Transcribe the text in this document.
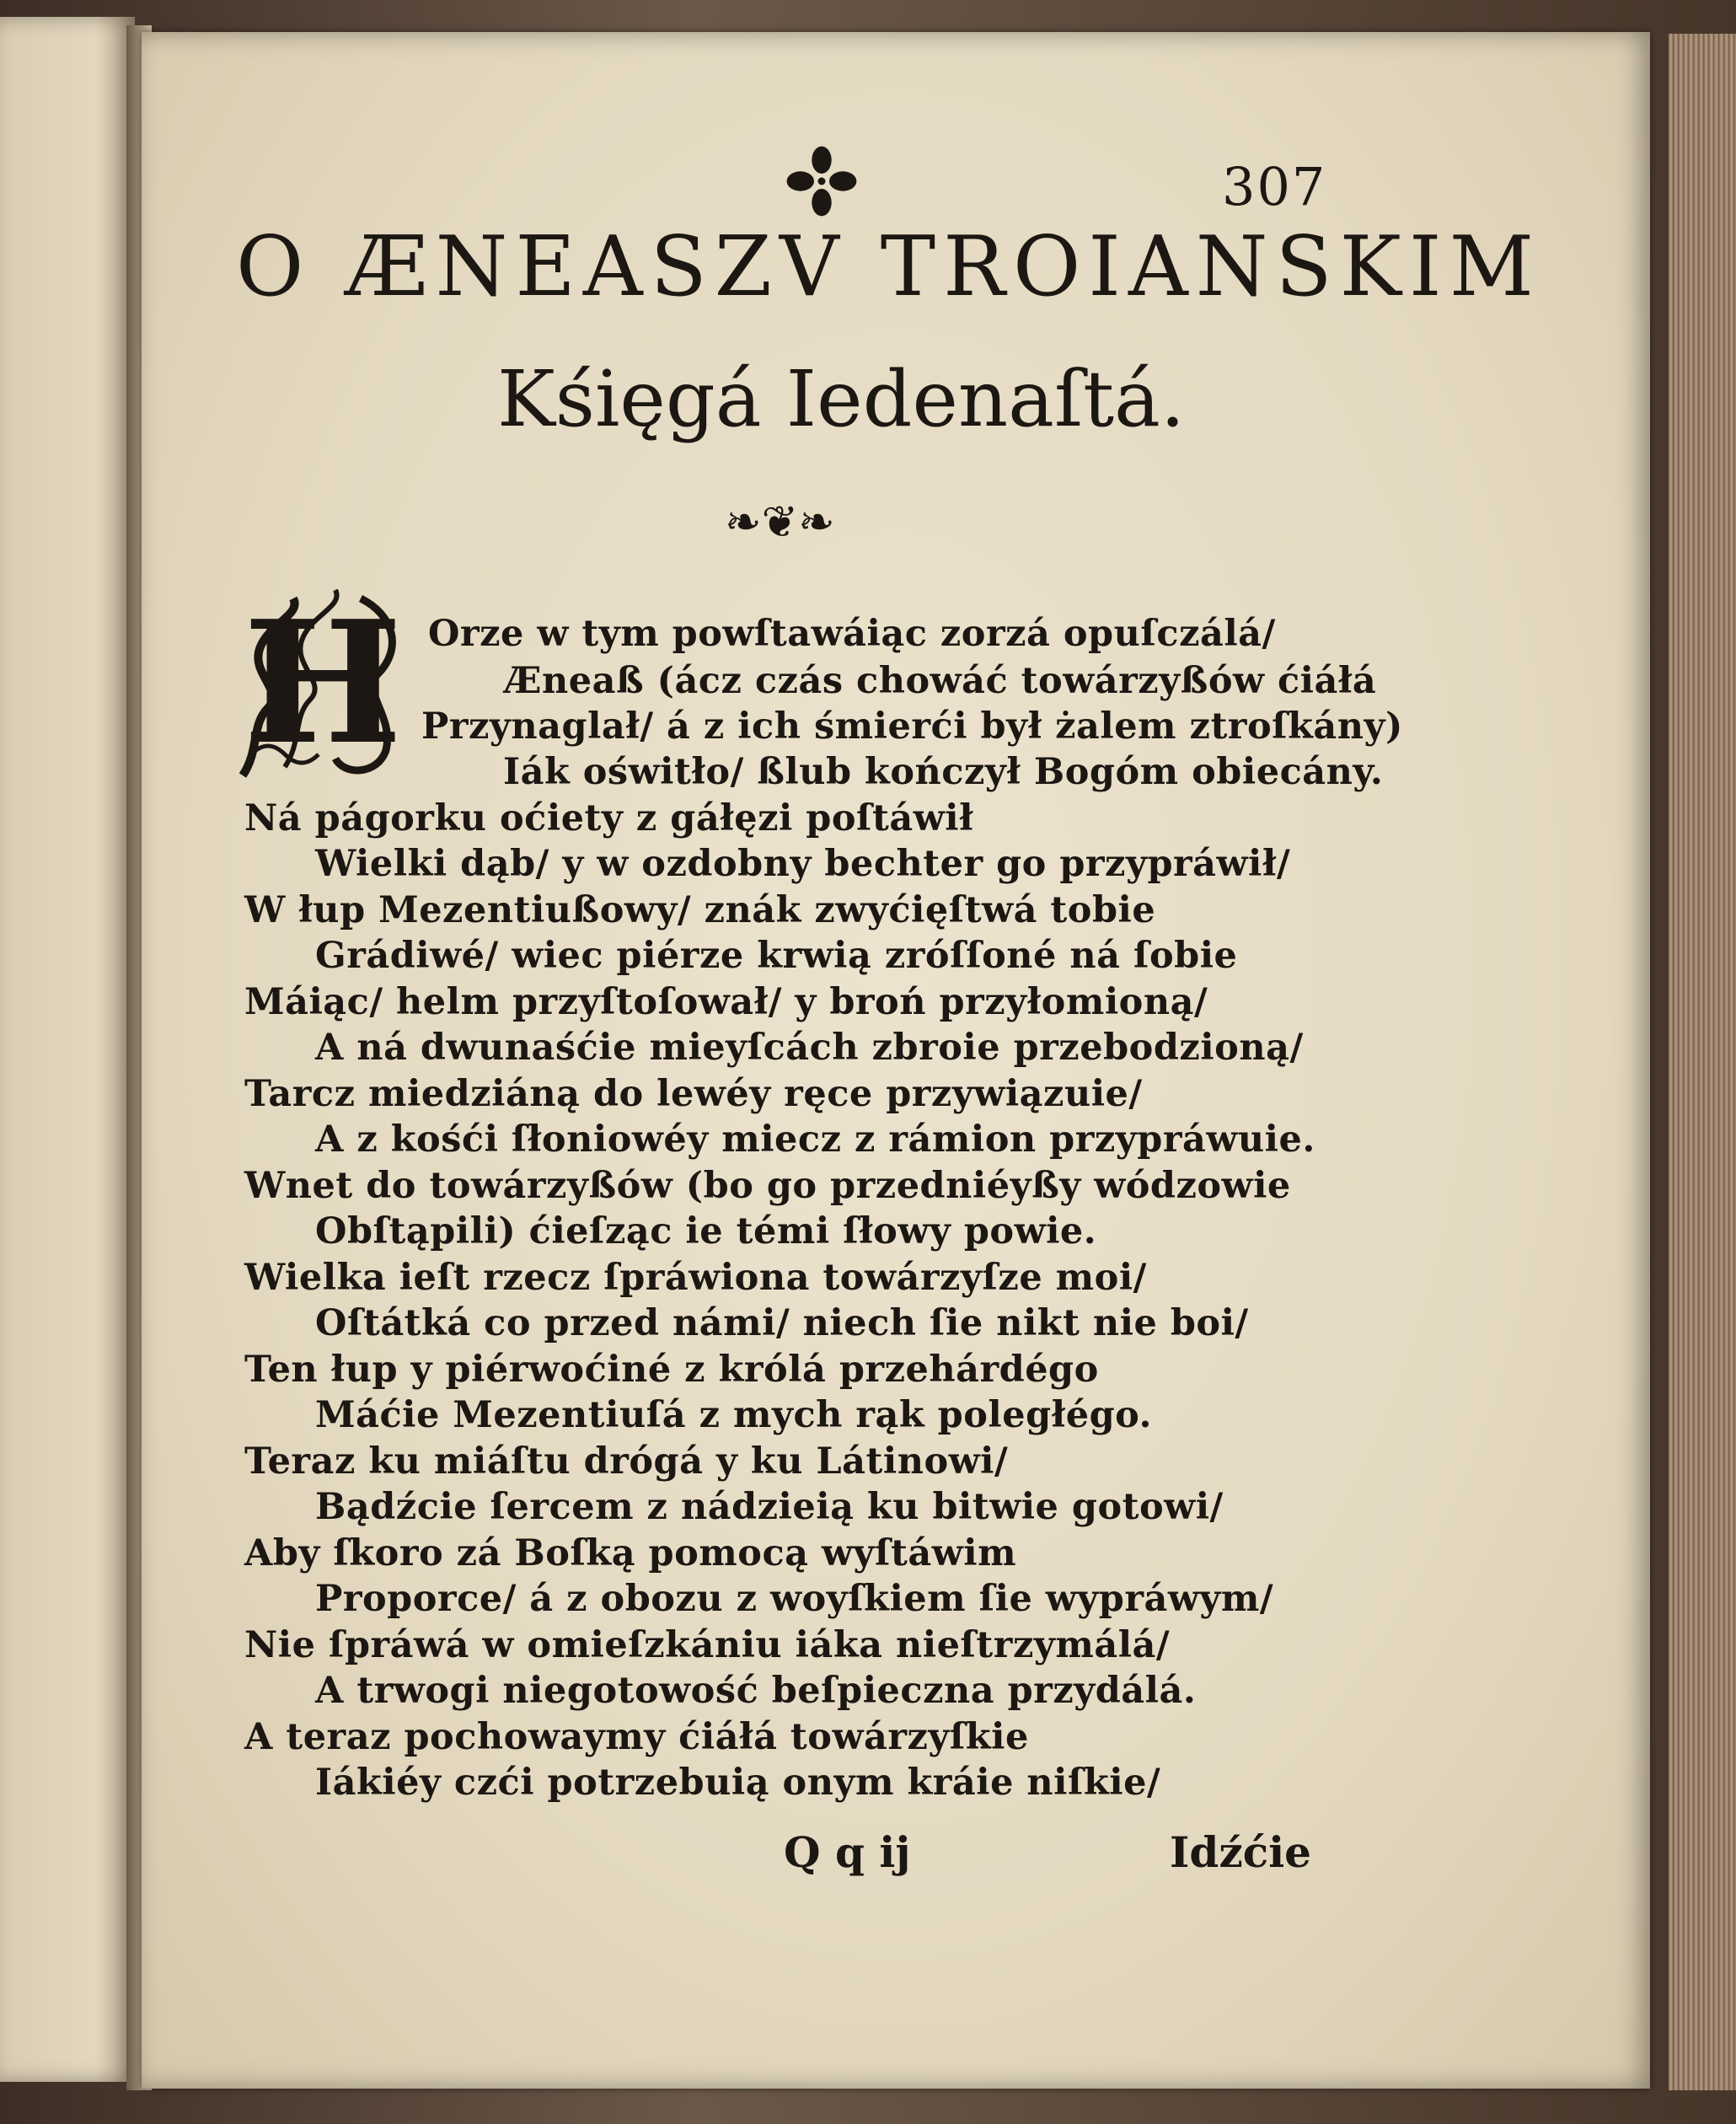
307
O ÆNEASZV TROIANSKIM
Kśięgá Iedenaſtá.
❧❦❧
H Orze w tym powſtawáiąc zorzá opuſczálá/
Æneaß (ácz czás chowáć towárzyßów ćiáłá
Przynaglał/ á z ich śmierći był żalem ztroſkány)
Iák oświtło/ ßlub kończył Bogóm obiecány.
Ná págorku oćiety z gáłęzi poſtáwił
Wielki dąb/ y w ozdobny bechter go przypráwił/
W łup Mezentiußowy/ znák zwyćięſtwá tobie
Grádiwé/ wiec piérze krwią zróſſoné ná ſobie
Máiąc/ helm przyſtoſował/ y broń przyłomioną/
A ná dwunaśćie mieyſcách zbroie przebodzioną/
Tarcz miedziáną do lewéy ręce przywiązuie/
A z kośći ſłoniowéy miecz z rámion przypráwuie.
Wnet do towárzyßów (bo go przedniéyßy wódzowie
Obſtąpili) ćieſząc ie témi ſłowy powie.
Wielka ieſt rzecz ſpráwiona towárzyſze moi/
Oſtátká co przed námi/ niech ſie nikt nie boi/
Ten łup y piérwoćiné z królá przehárdégo
Máćie Mezentiuſá z mych rąk poległégo.
Teraz ku miáſtu drógá y ku Látinowi/
Bądźcie ſercem z nádzieią ku bitwie gotowi/
Aby ſkoro zá Boſką pomocą wyſtáwim
Proporce/ á z obozu z woyſkiem ſie wypráwym/
Nie ſpráwá w omieſzkániu iáka nieſtrzymálá/
A trwogi niegotowość beſpieczna przydálá.
A teraz pochowaymy ćiáłá towárzyſkie
Iákiéy czći potrzebuią onym kráie niſkie/
Q q ij	Idźćie
